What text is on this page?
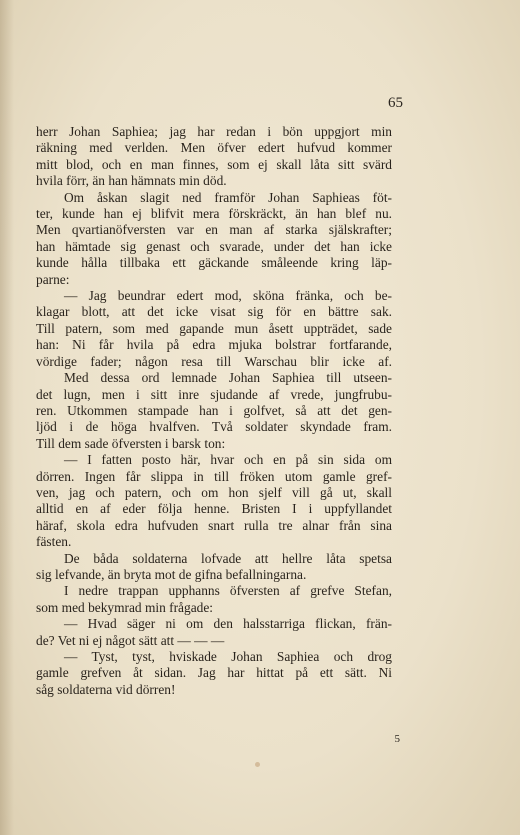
65
herr Johan Saphiea; jag har redan i bön uppgjort min
räkning med verlden. Men öfver edert hufvud kommer
mitt blod, och en man finnes, som ej skall låta sitt svärd
hvila förr, än han hämnats min död.
Om åskan slagit ned framför Johan Saphieas föt-
ter, kunde han ej blifvit mera förskräckt, än han blef nu.
Men qvartianöfversten var en man af starka själskrafter;
han hämtade sig genast och svarade, under det han icke
kunde hålla tillbaka ett gäckande småleende kring läp-
parne:
— Jag beundrar edert mod, sköna fränka, och be-
klagar blott, att det icke visat sig för en bättre sak.
Till patern, som med gapande mun åsett uppträdet, sade
han: Ni får hvila på edra mjuka bolstrar fortfarande,
vördige fader; någon resa till Warschau blir icke af.
Med dessa ord lemnade Johan Saphiea till utseen-
det lugn, men i sitt inre sjudande af vrede, jungfrubu-
ren. Utkommen stampade han i golfvet, så att det gen-
ljöd i de höga hvalfven. Två soldater skyndade fram.
Till dem sade öfversten i barsk ton:
— I fatten posto här, hvar och en på sin sida om
dörren. Ingen får slippa in till fröken utom gamle gref-
ven, jag och patern, och om hon sjelf vill gå ut, skall
alltid en af eder följa henne. Bristen I i uppfyllandet
häraf, skola edra hufvuden snart rulla tre alnar från sina
fästen.
De båda soldaterna lofvade att hellre låta spetsa
sig lefvande, än bryta mot de gifna befallningarna.
I nedre trappan upphanns öfversten af grefve Stefan,
som med bekymrad min frågade:
— Hvad säger ni om den halsstarriga flickan, frän-
de? Vet ni ej något sätt att — — —
— Tyst, tyst, hviskade Johan Saphiea och drog
gamle grefven åt sidan. Jag har hittat på ett sätt. Ni
såg soldaterna vid dörren!
5
